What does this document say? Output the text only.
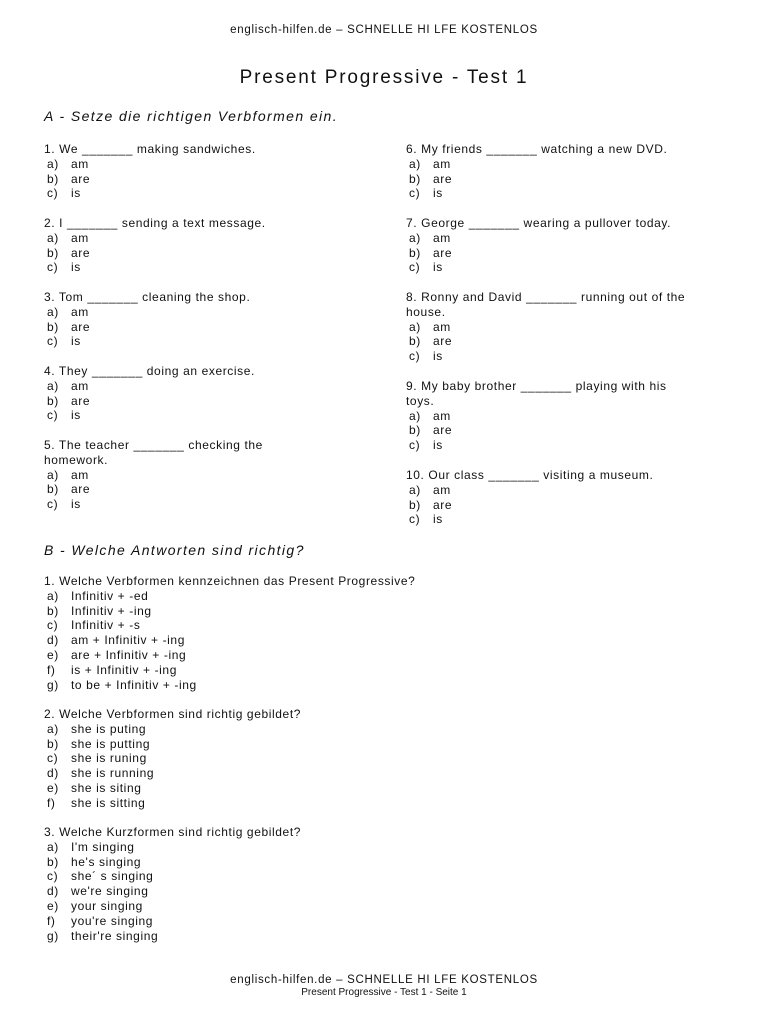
englisch-hilfen.de – SCHNELLE HI LFE KOSTENLOS
Present Progressive - Test 1
A - Setze die richtigen Verbformen ein.

1. We _______ making sandwiches.

a) am
b) are
c) is

2. I _______ sending a text message.

a) am
b) are
c) is

3. Tom _______ cleaning the shop.

a) am
b) are
c) is

4. They _______ doing an exercise.

a) am
b) are
c) is

5. The teacher _______ checking the

homework.

a) am
b) are
c) is

6. My friends _______ watching a new DVD.

a) am
b) are
c) is

7. George _______ wearing a pullover today.

a) am
b) are
c) is

8. Ronny and David _______ running out of the

house.

a) am
b) are
c) is

9. My baby brother _______ playing with his

toys.

a) am
b) are
c) is

10. Our class _______ visiting a museum.

a) am
b) are
c) is
B - Welche Antworten sind richtig?

1. Welche Verbformen kennzeichnen das Present Progressive?

a) Infinitiv + -ed
b) Infinitiv + -ing
c) Infinitiv + -s
d) am + Infinitiv + -ing
e) are + Infinitiv + -ing
f) is + Infinitiv + -ing
g) to be + Infinitiv + -ing

2. Welche Verbformen sind richtig gebildet?

a) she is puting
b) she is putting
c) she is runing
d) she is running
e) she is siting
f) she is sitting

3. Welche Kurzformen sind richtig gebildet?

a) I'm singing
b) he's singing
c) she´ s singing
d) we're singing
e) your singing
f) you're singing
g) their're singing
englisch-hilfen.de – SCHNELLE HI LFE KOSTENLOS
Present Progressive - Test 1 - Seite 1
